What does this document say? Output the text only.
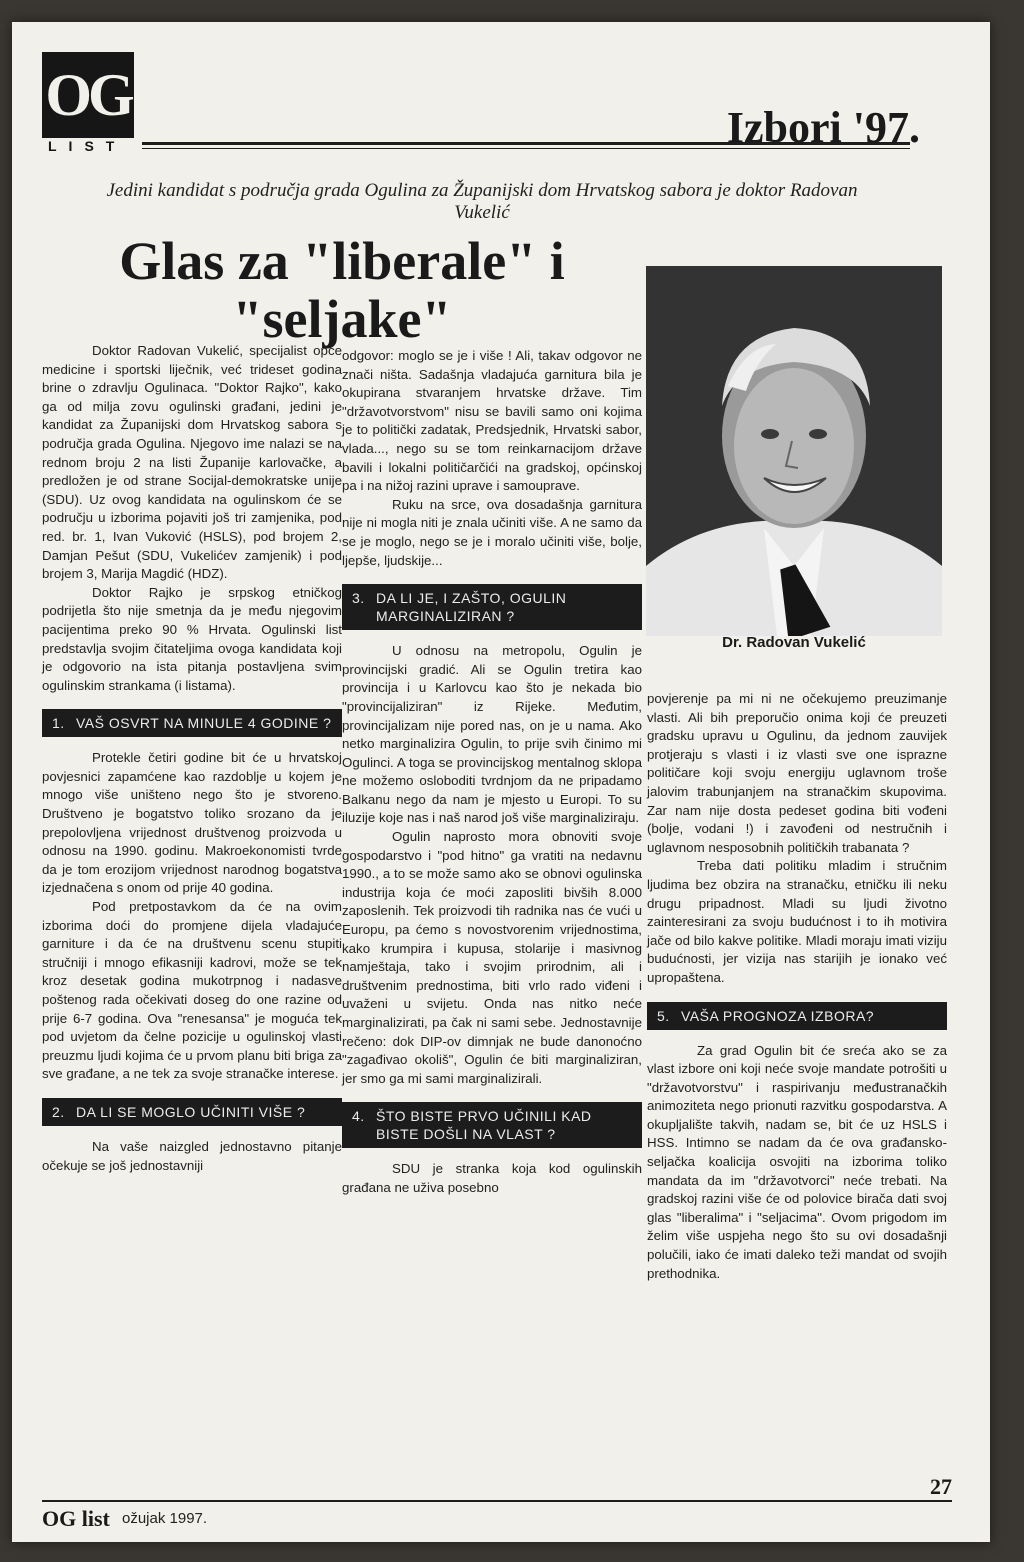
OG
LIST	Izbori '97.
Jedini kandidat s područja grada Ogulina za Županijski dom Hrvatskog sabora je doktor Radovan Vukelić
Glas za "liberale" i "seljake"
Dr. Radovan Vukelić

Doktor Radovan Vukelić, specijalist opće medicine i sportski liječnik, već trideset godina brine o zdravlju Ogulinaca. "Doktor Rajko", kako ga od milja zovu ogulinski građani, jedini je kandidat za Županijski dom Hrvatskog sabora s područja grada Ogulina. Njegovo ime nalazi se na rednom broju 2 na listi Županije karlovačke, a predložen je od strane Socijal-demokratske unije (SDU). Uz ovog kandidata na ogulinskom će se području u izborima pojaviti još tri zamjenika, pod red. br. 1, Ivan Vuković (HSLS), pod brojem 2, Damjan Pešut (SDU, Vukelićev zamjenik) i pod brojem 3, Marija Magdić (HDZ).

Doktor Rajko je srpskog etničkog podrijetla što nije smetnja da je među njegovim pacijentima preko 90 % Hrvata. Ogulinski list predstavlja svojim čitateljima ovoga kandidata koji je odgovorio na ista pitanja postavljena svim ogulinskim strankama (i listama).

1. VAŠ OSVRT NA MINULE 4 GODINE ?

Protekle četiri godine bit će u hrvatskoj povjesnici zapamćene kao razdoblje u kojem je mnogo više uništeno nego što je stvoreno. Društveno je bogatstvo toliko srozano da je prepolovljena vrijednost društvenog proizvoda u odnosu na 1990. godinu. Makroekonomisti tvrde da je tom erozijom vrijednost narodnog bogatstva izjednačena s onom od prije 40 godina.

Pod pretpostavkom da će na ovim izborima doći do promjene dijela vladajuće garniture i da će na društvenu scenu stupiti stručniji i mnogo efikasniji kadrovi, može se tek kroz desetak godina mukotrpnog i nadasve poštenog rada očekivati doseg do one razine od prije 6-7 godina. Ova "renesansa" je moguća tek pod uvjetom da čelne pozicije u ogulinskoj vlasti preuzmu ljudi kojima će u prvom planu biti briga za sve građane, a ne tek za svoje stranačke interese.

2. DA LI SE MOGLO UČINITI VIŠE ?

Na vaše naizgled jednostavno pitanje očekuje se još jednostavniji

odgovor: moglo se je i više ! Ali, takav odgovor ne znači ništa. Sadašnja vladajuća garnitura bila je okupirana stvaranjem hrvatske države. Tim "državotvorstvom" nisu se bavili samo oni kojima je to politički zadatak, Predsjednik, Hrvatski sabor, vlada..., nego su se tom reinkarnacijom države bavili i lokalni političarčići na gradskoj, općinskoj pa i na nižoj razini uprave i samouprave.

Ruku na srce, ova dosadašnja garnitura nije ni mogla niti je znala učiniti više. A ne samo da se je moglo, nego se je i moralo učiniti više, bolje, ljepše, ljudskije...

3. DA LI JE, I ZAŠTO, OGULIN MARGINALIZIRAN ?

U odnosu na metropolu, Ogulin je provincijski gradić. Ali se Ogulin tretira kao provincija i u Karlovcu kao što je nekada bio "provincijaliziran" iz Rijeke. Međutim, provincijalizam nije pored nas, on je u nama. Ako netko marginalizira Ogulin, to prije svih činimo mi Ogulinci. A toga se provincijskog mentalnog sklopa ne možemo osloboditi tvrdnjom da ne pripadamo Balkanu nego da nam je mjesto u Europi. To su iluzije koje nas i naš narod još više marginaliziraju.

Ogulin naprosto mora obnoviti svoje gospodarstvo i "pod hitno" ga vratiti na nedavnu 1990., a to se može samo ako se obnovi ogulinska industrija koja će moći zaposliti bivših 8.000 zaposlenih. Tek proizvodi tih radnika nas će vući u Europu, pa ćemo s novostvorenim vrijednostima, kako krumpira i kupusa, stolarije i masivnog namještaja, tako i svojim prirodnim, ali i društvenim prednostima, biti vrlo rado viđeni i uvaženi u svijetu. Onda nas nitko neće marginalizirati, pa čak ni sami sebe. Jednostavnije rečeno: dok DIP-ov dimnjak ne bude danonoćno "zagađivao okoliš", Ogulin će biti marginaliziran, jer smo ga mi sami marginalizirali.

4. ŠTO BISTE PRVO UČINILI KAD BISTE DOŠLI NA VLAST ?

SDU je stranka koja kod ogulinskih građana ne uživa posebno

povjerenje pa mi ni ne očekujemo preuzimanje vlasti. Ali bih preporučio onima koji će preuzeti gradsku upravu u Ogulinu, da jednom zauvijek protjeraju s vlasti i iz vlasti sve one isprazne političare koji svoju energiju uglavnom troše jalovim trabunjanjem na stranačkim skupovima. Zar nam nije dosta pedeset godina biti vođeni (bolje, vodani !) i zavođeni od nestručnih i uglavnom nesposobnih političkih trabanata ?

Treba dati politiku mladim i stručnim ljudima bez obzira na stranačku, etničku ili neku drugu pripadnost. Mladi su ljudi životno zainteresirani za svoju budućnost i to ih motivira jače od bilo kakve politike. Mladi moraju imati viziju budućnosti, jer vizija nas starijih je ionako već upropaštena.

5. VAŠA PROGNOZA IZBORA?

Za grad Ogulin bit će sreća ako se za vlast izbore oni koji neće svoje mandate potrošiti u "državotvorstvu" i raspirivanju međustranačkih animoziteta nego prionuti razvitku gospodarstva. A okupljalište takvih, nadam se, bit će uz HSLS i HSS. Intimno se nadam da će ova građansko-seljačka koalicija osvojiti na izborima toliko mandata da im "državotvorci" neće trebati. Na gradskoj razini više će od polovice birača dati svoj glas "liberalima" i "seljacima". Ovom prigodom im želim više uspjeha nego što su ovi dosadašnji polučili, iako će imati daleko teži mandat od svojih prethodnika.

27
OG list ožujak 1997.
